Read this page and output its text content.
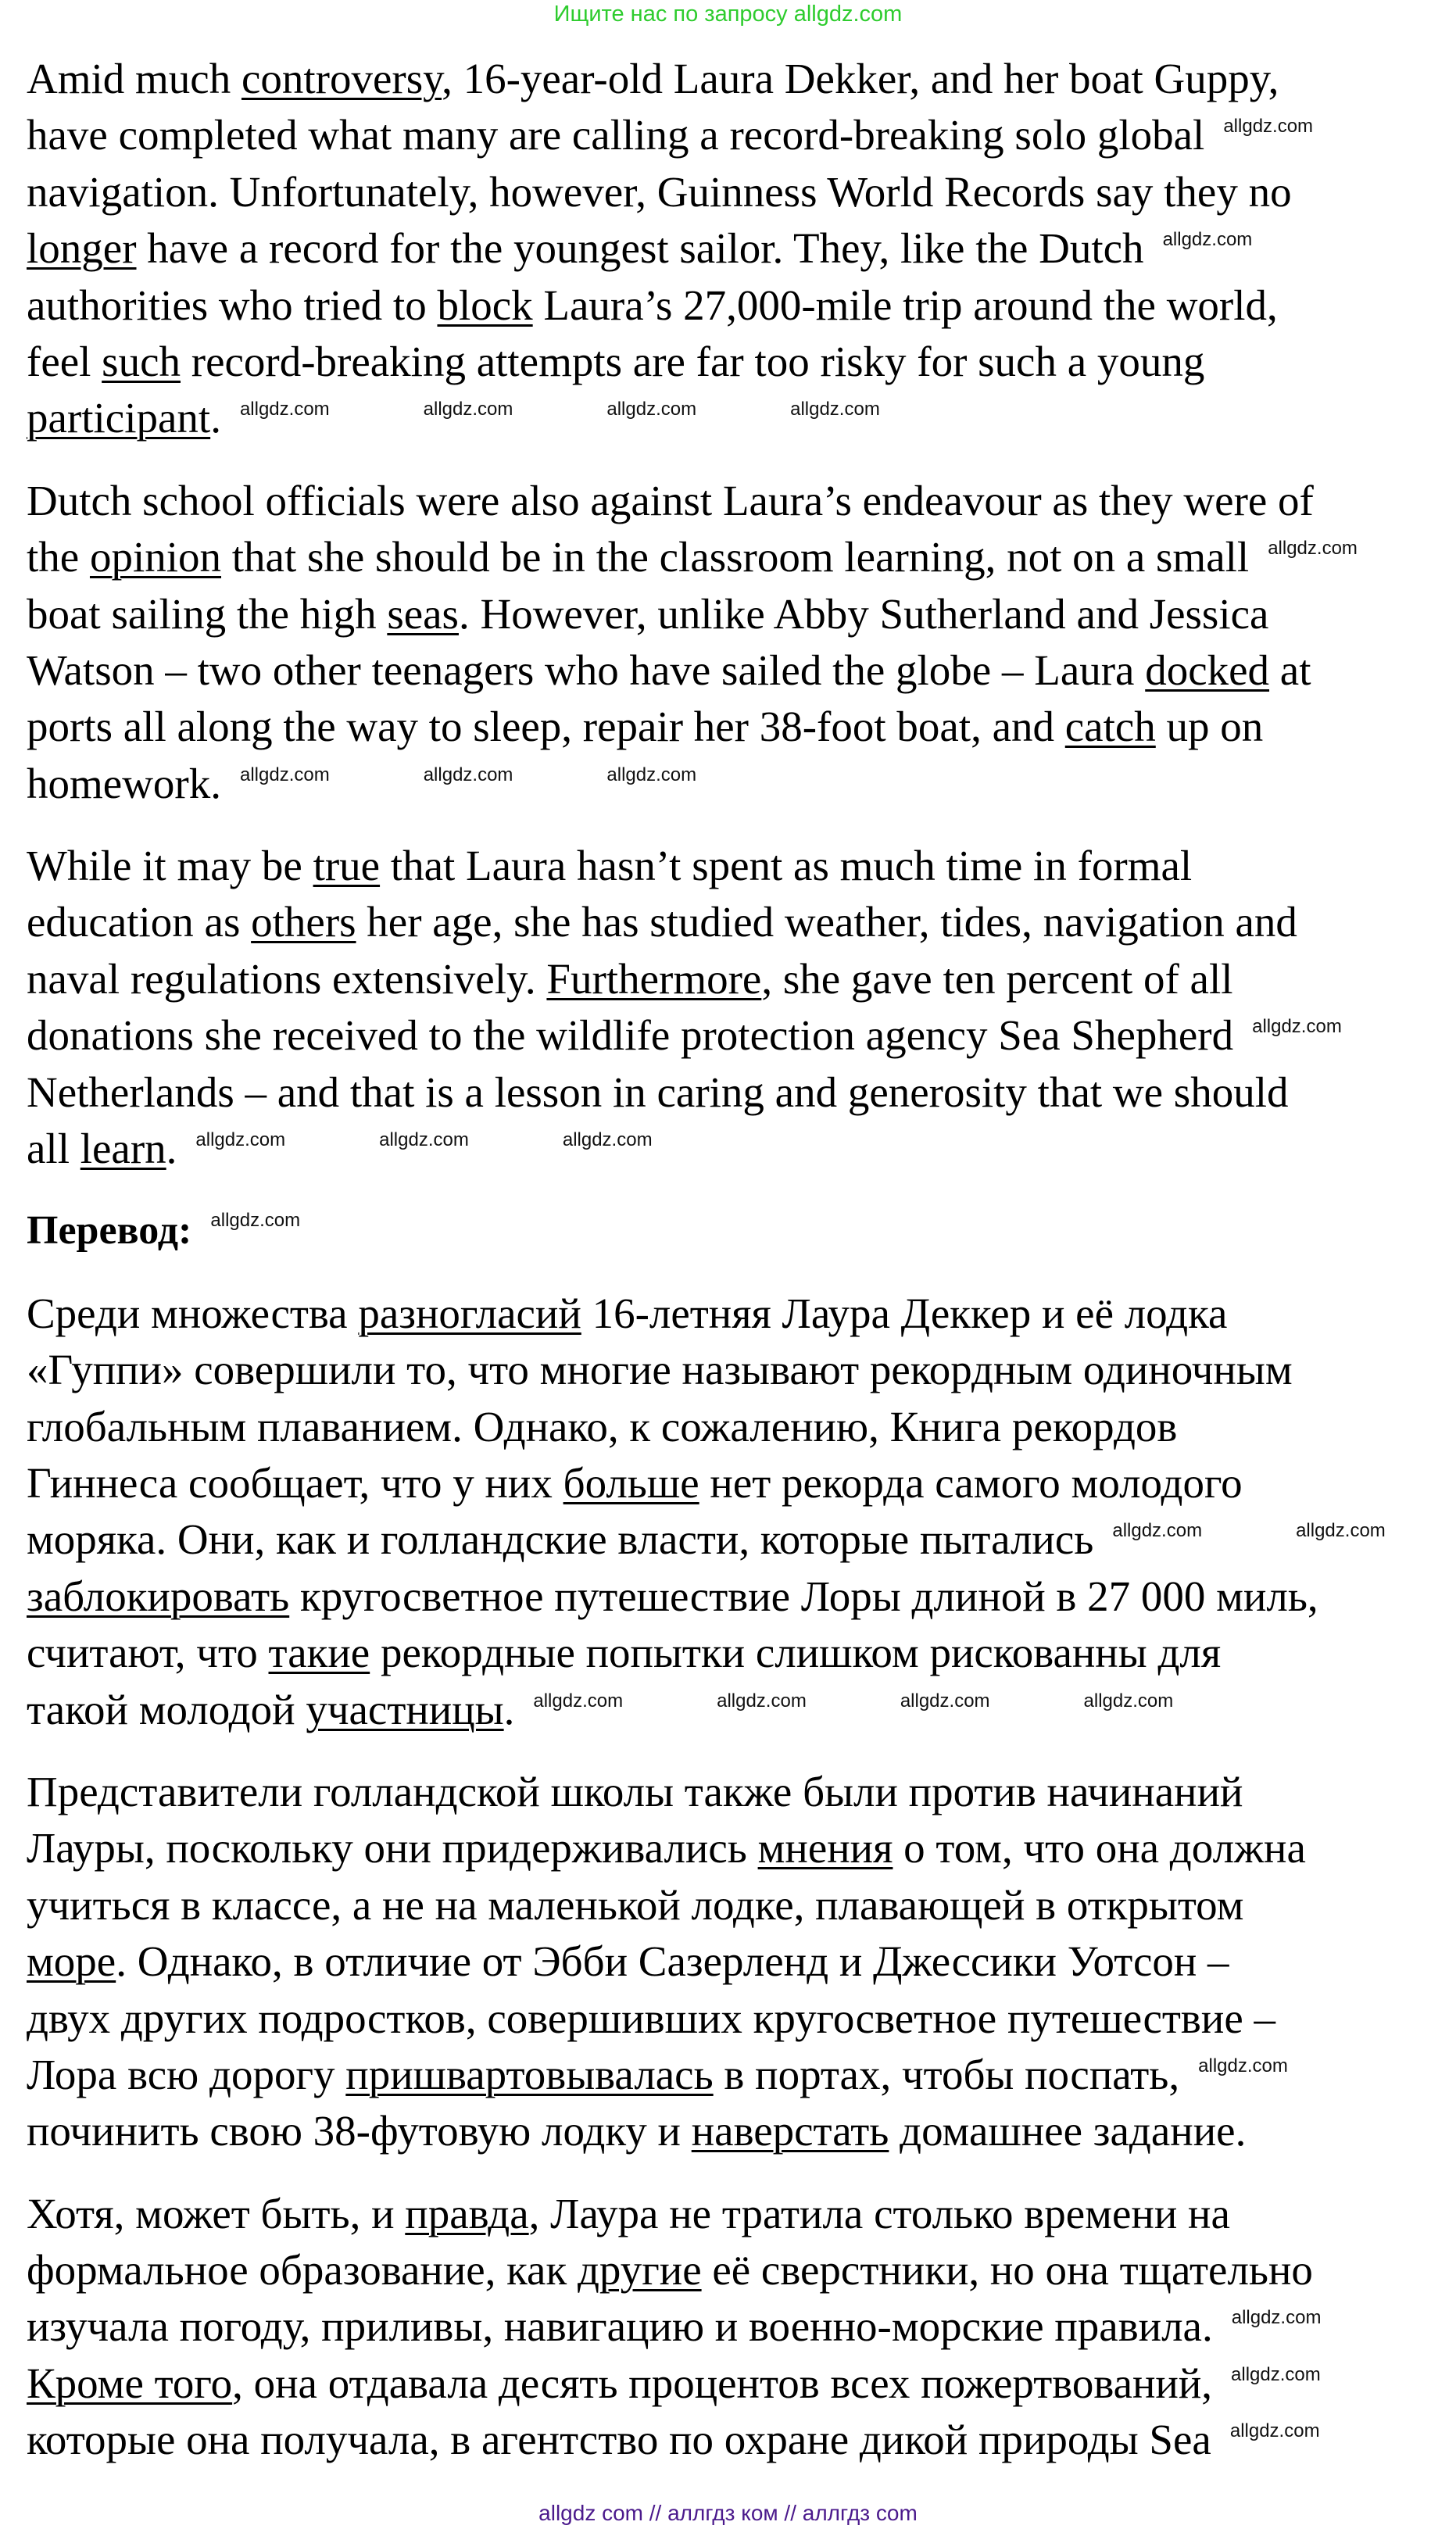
Ищите нас по запросу allgdz.com
Amid much controversy, 16-year-old Laura Dekker, and her boat Guppy,
have completed what many are calling a record-breaking solo global allgdz.com
navigation. Unfortunately, however, Guinness World Records say they no
longer have a record for the youngest sailor. They, like the Dutch allgdz.com
authorities who tried to block Laura’s 27,000-mile trip around the world,
feel such record-breaking attempts are far too risky for such a young
participant. allgdz.com	allgdz.com	allgdz.com	allgdz.com
Dutch school officials were also against Laura’s endeavour as they were of
the opinion that she should be in the classroom learning, not on a small allgdz.com
boat sailing the high seas. However, unlike Abby Sutherland and Jessica
Watson – two other teenagers who have sailed the globe – Laura docked at
ports all along the way to sleep, repair her 38-foot boat, and catch up on
homework. allgdz.com	allgdz.com	allgdz.com
While it may be true that Laura hasn’t spent as much time in formal
education as others her age, she has studied weather, tides, navigation and
naval regulations extensively. Furthermore, she gave ten percent of all
donations she received to the wildlife protection agency Sea Shepherd allgdz.com
Netherlands – and that is a lesson in caring and generosity that we should
all learn. allgdz.com	allgdz.com	allgdz.com
Перевод: allgdz.com
Среди множества разногласий 16-летняя Лаура Деккер и её лодка
«Гуппи» совершили то, что многие называют рекордным одиночным
глобальным плаванием. Однако, к сожалению, Книга рекордов
Гиннеса сообщает, что у них больше нет рекорда самого молодого
моряка. Они, как и голландские власти, которые пытались allgdz.com	allgdz.com
заблокировать кругосветное путешествие Лоры длиной в 27 000 миль,
считают, что такие рекордные попытки слишком рискованны для
такой молодой участницы. allgdz.com	allgdz.com	allgdz.com	allgdz.com
Представители голландской школы также были против начинаний
Лауры, поскольку они придерживались мнения о том, что она должна
учиться в классе, а не на маленькой лодке, плавающей в открытом
море. Однако, в отличие от Эбби Сазерленд и Джессики Уотсон –
двух других подростков, совершивших кругосветное путешествие –
Лора всю дорогу пришвартовывалась в портах, чтобы поспать, allgdz.com
починить свою 38-футовую лодку и наверстать домашнее задание.
Хотя, может быть, и правда, Лаура не тратила столько времени на
формальное образование, как другие её сверстники, но она тщательно
изучала погоду, приливы, навигацию и военно-морские правила. allgdz.com
Кроме того, она отдавала десять процентов всех пожертвований, allgdz.com
которые она получала, в агентство по охране дикой природы Sea allgdz.com
allgdz com // аллгдз ком // аллгдз com
